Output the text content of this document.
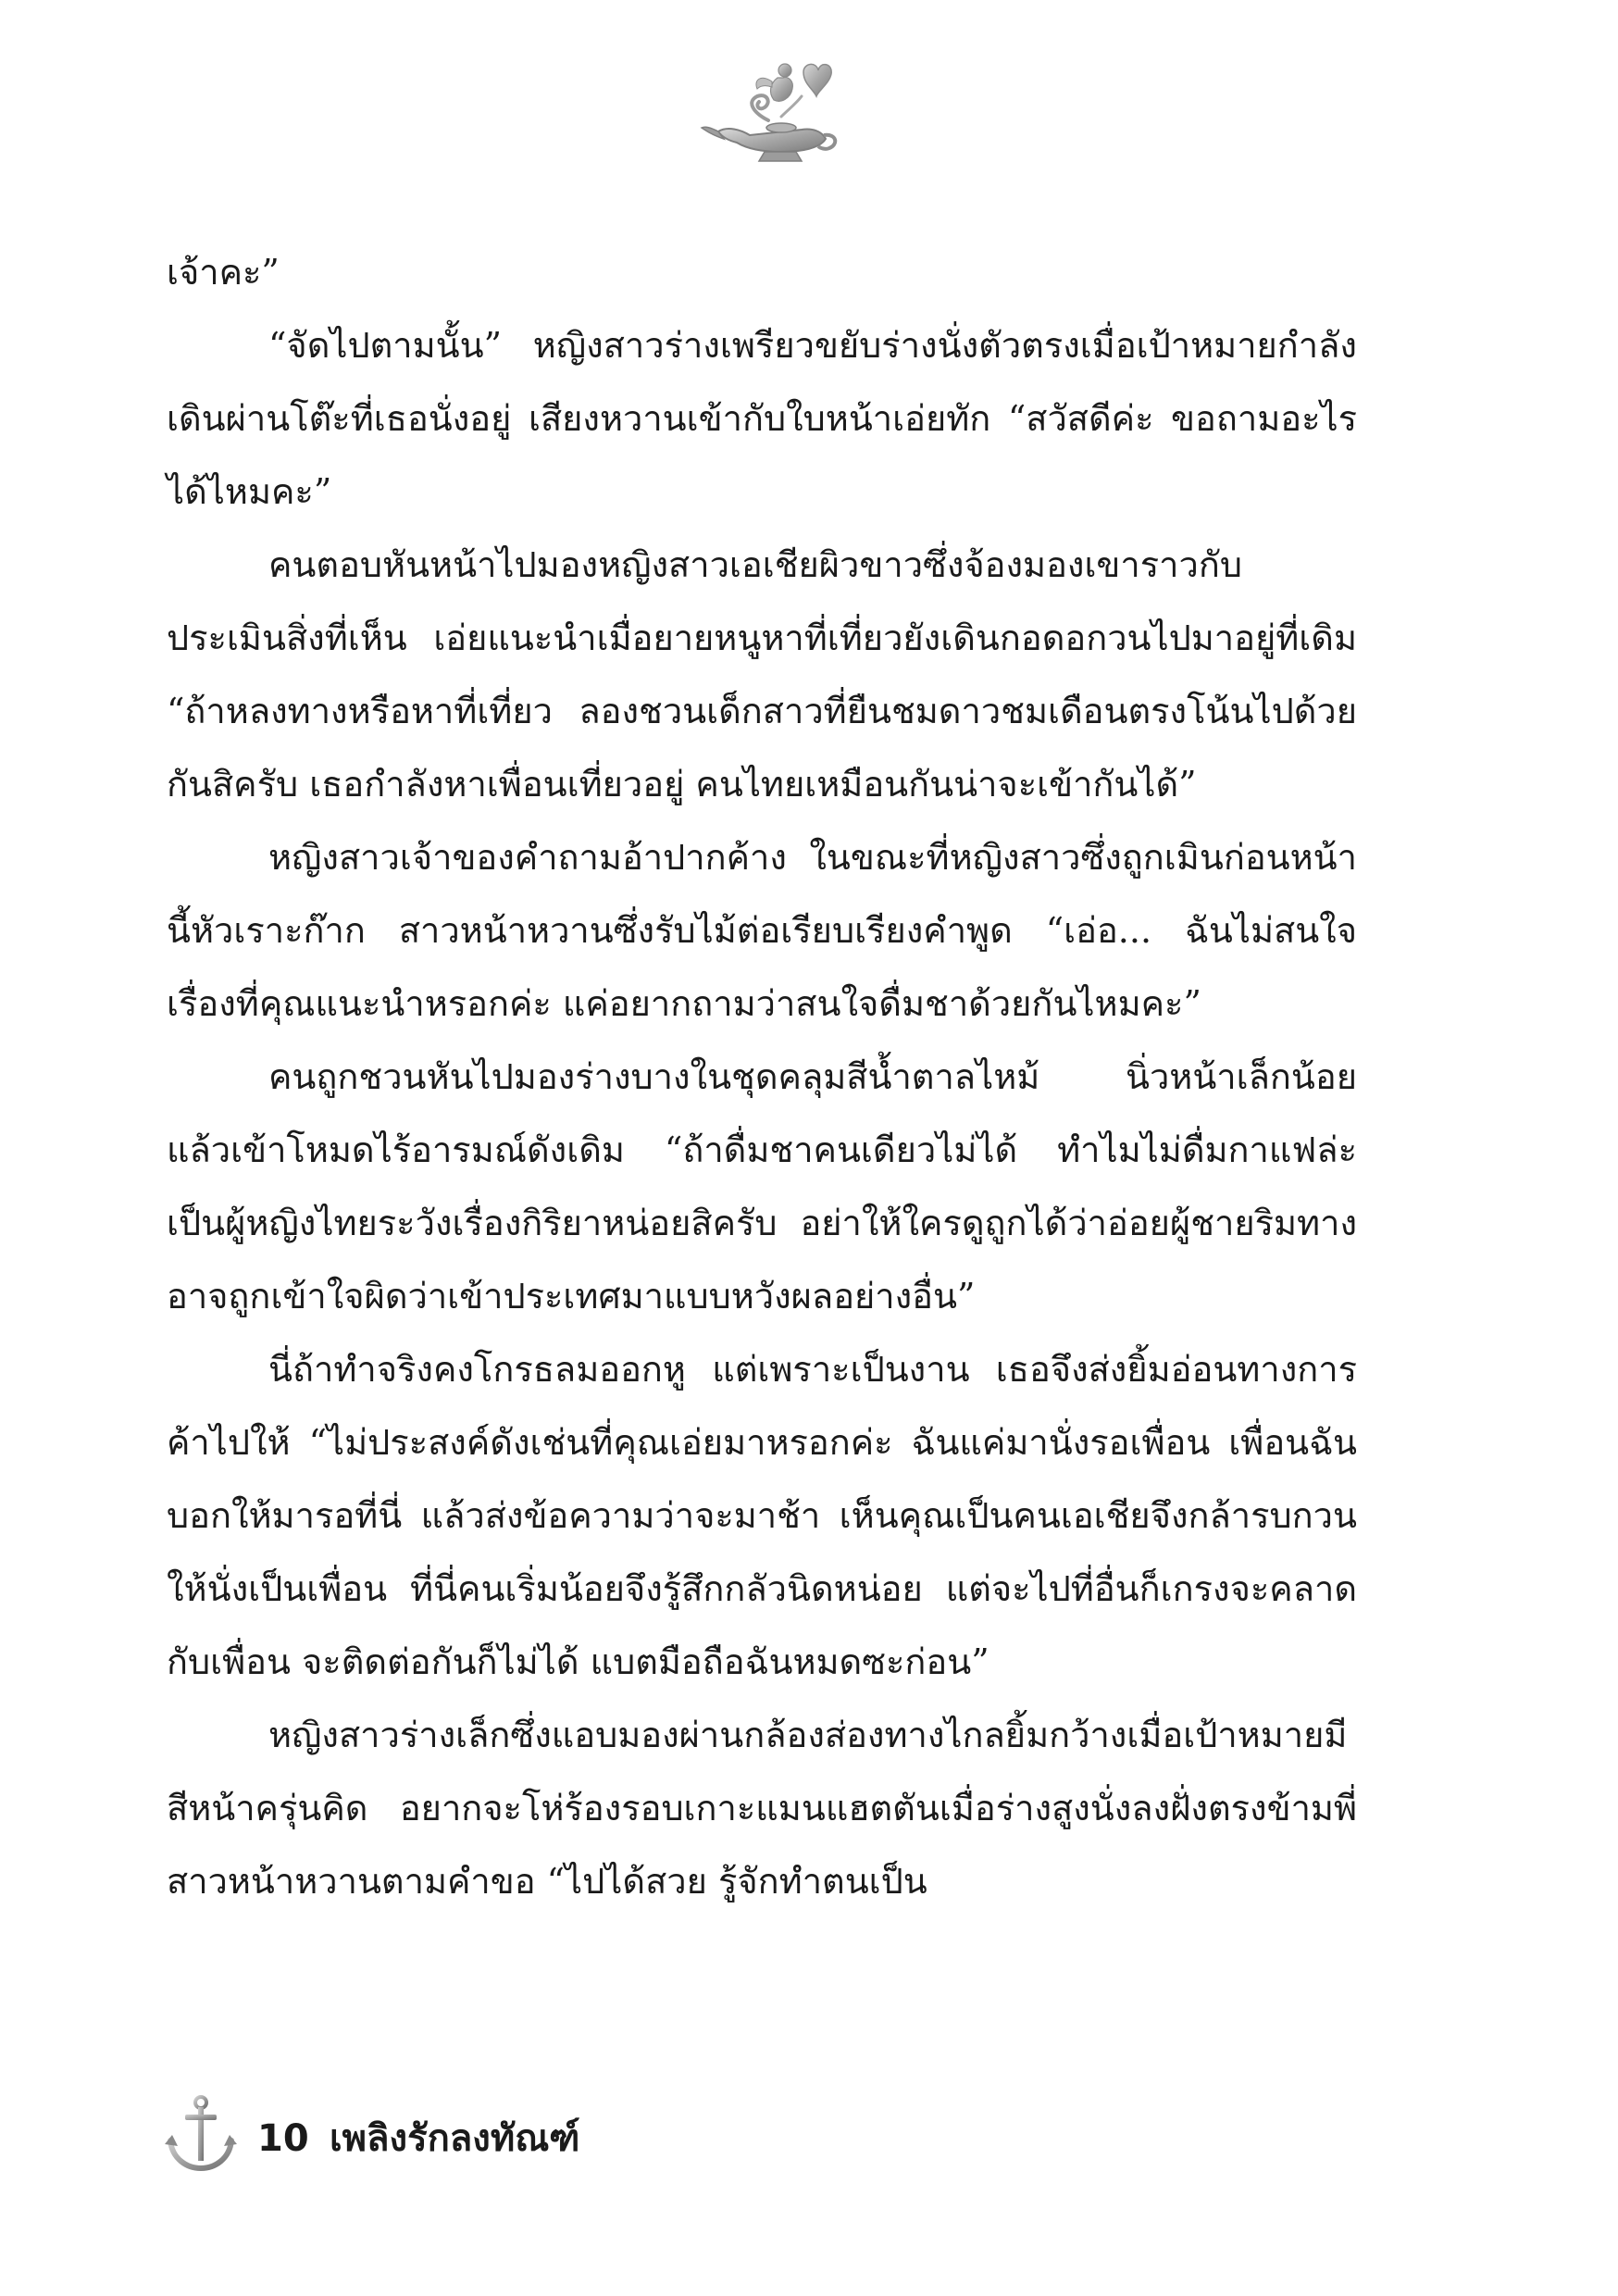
เจ้าคะ”

“จัดไปตามนั้น” หญิงสาวร่างเพรียวขยับร่างนั่งตัวตรงเมื่อเป้าหมายกำลังเดินผ่านโต๊ะที่เธอนั่งอยู่ เสียงหวานเข้ากับใบหน้าเอ่ยทัก “สวัสดีค่ะ ขอถามอะไรได้ไหมคะ”

คนตอบหันหน้าไปมองหญิงสาวเอเชียผิวขาวซึ่งจ้องมองเขาราวกับประเมินสิ่งที่เห็น เอ่ยแนะนำเมื่อยายหนูหาที่เที่ยวยังเดินกอดอกวนไปมาอยู่ที่เดิม “ถ้าหลงทางหรือหาที่เที่ยว ลองชวนเด็กสาวที่ยืนชมดาวชมเดือนตรงโน้นไปด้วยกันสิครับ เธอกำลังหาเพื่อนเที่ยวอยู่ คนไทยเหมือนกันน่าจะเข้ากันได้”

หญิงสาวเจ้าของคำถามอ้าปากค้าง ในขณะที่หญิงสาวซึ่งถูกเมินก่อนหน้านี้หัวเราะก๊าก สาวหน้าหวานซึ่งรับไม้ต่อเรียบเรียงคำพูด “เอ่อ... ฉันไม่สนใจเรื่องที่คุณแนะนำหรอกค่ะ แค่อยากถามว่าสนใจดื่มชาด้วยกันไหมคะ”

คนถูกชวนหันไปมองร่างบางในชุดคลุมสีน้ำตาลไหม้ นิ่วหน้าเล็กน้อย แล้วเข้าโหมดไร้อารมณ์ดังเดิม “ถ้าดื่มชาคนเดียวไม่ได้ ทำไมไม่ดื่มกาแฟล่ะ เป็นผู้หญิงไทยระวังเรื่องกิริยาหน่อยสิครับ อย่าให้ใครดูถูกได้ว่าอ่อยผู้ชายริมทาง อาจถูกเข้าใจผิดว่าเข้าประเทศมาแบบหวังผลอย่างอื่น”

นี่ถ้าทำจริงคงโกรธลมออกหู แต่เพราะเป็นงาน เธอจึงส่งยิ้มอ่อนทางการค้าไปให้ “ไม่ประสงค์ดังเช่นที่คุณเอ่ยมาหรอกค่ะ ฉันแค่มานั่งรอเพื่อน เพื่อนฉันบอกให้มารอที่นี่ แล้วส่งข้อความว่าจะมาช้า เห็นคุณเป็นคนเอเชียจึงกล้ารบกวนให้นั่งเป็นเพื่อน ที่นี่คนเริ่มน้อยจึงรู้สึกกลัวนิดหน่อย แต่จะไปที่อื่นก็เกรงจะคลาดกับเพื่อน จะติดต่อกันก็ไม่ได้ แบตมือถือฉันหมดซะก่อน”

หญิงสาวร่างเล็กซึ่งแอบมองผ่านกล้องส่องทางไกลยิ้มกว้างเมื่อเป้าหมายมีสีหน้าครุ่นคิด อยากจะโห่ร้องรอบเกาะแมนแฮตตันเมื่อร่างสูงนั่งลงฝั่งตรงข้ามพี่สาวหน้าหวานตามคำขอ “ไปได้สวย รู้จักทำตนเป็น

10 เพลิงรักลงทัณฑ์
